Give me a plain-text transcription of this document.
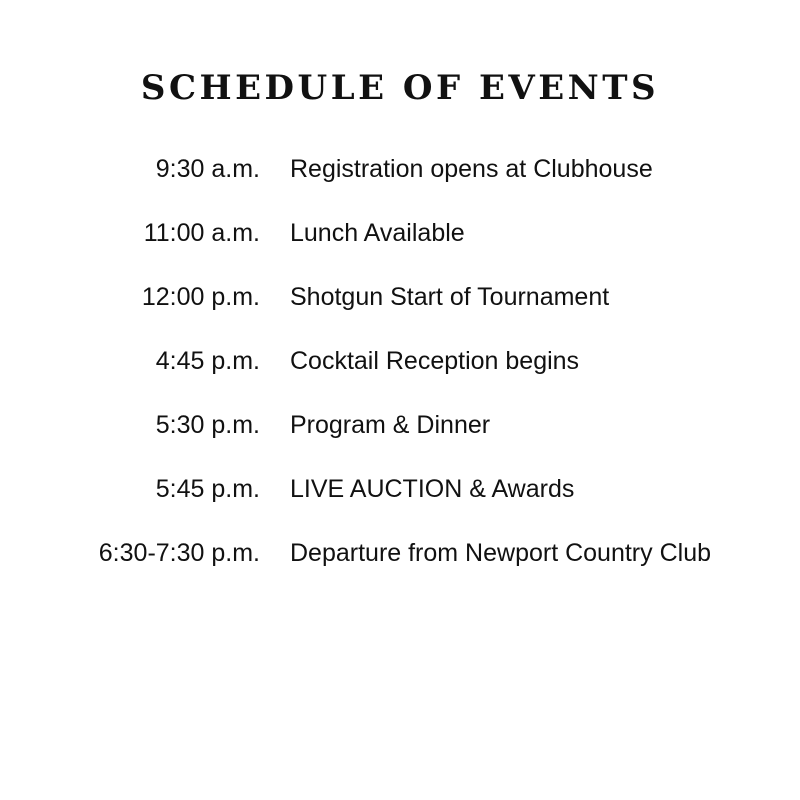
SCHEDULE OF EVENTS
9:30 a.m. Registration opens at Clubhouse
11:00 a.m. Lunch Available
12:00 p.m. Shotgun Start of Tournament
4:45 p.m. Cocktail Reception begins
5:30 p.m. Program & Dinner
5:45 p.m. LIVE AUCTION & Awards
6:30-7:30 p.m. Departure from Newport Country Club
